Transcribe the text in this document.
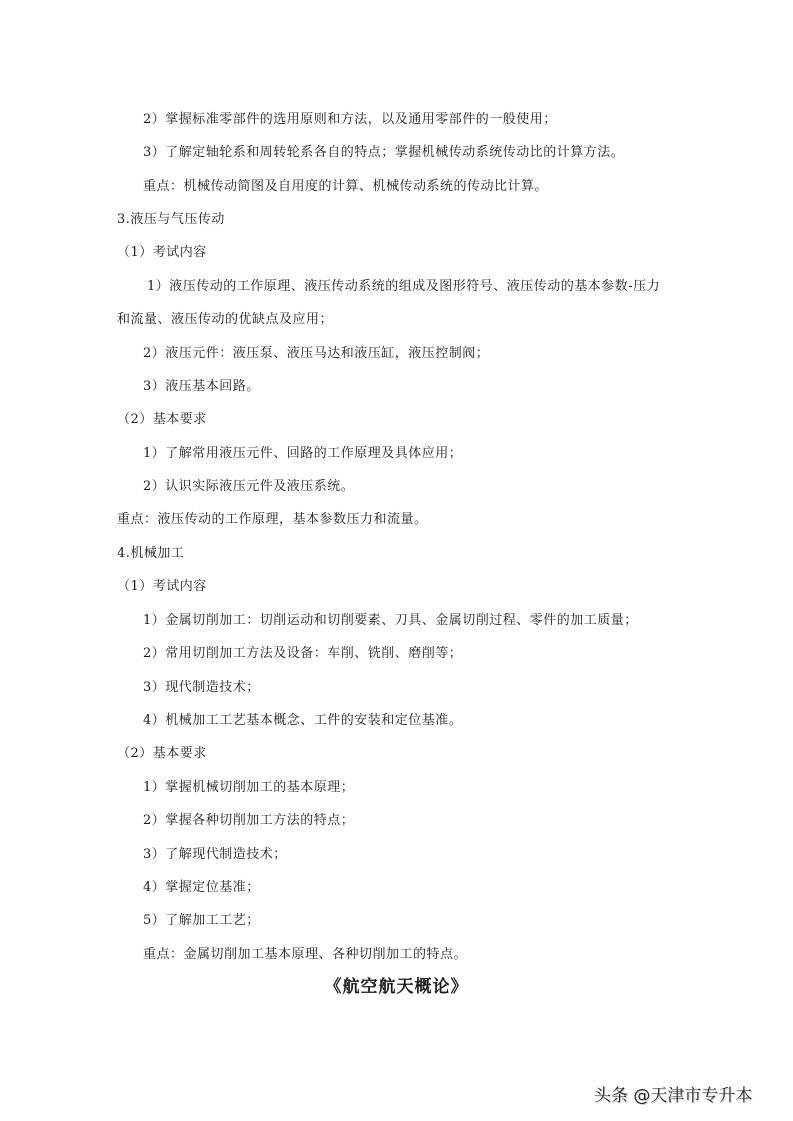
2）掌握标准零部件的选用原则和方法，以及通用零部件的一般使用；
3）了解定轴轮系和周转轮系各自的特点；掌握机械传动系统传动比的计算方法。
重点：机械传动简图及自用度的计算、机械传动系统的传动比计算。
3.液压与气压传动
（1）考试内容
1）液压传动的工作原理、液压传动系统的组成及图形符号、液压传动的基本参数-压力
和流量、液压传动的优缺点及应用；
2）液压元件：液压泵、液压马达和液压缸，液压控制阀；
3）液压基本回路。
（2）基本要求
1）了解常用液压元件、回路的工作原理及具体应用；
2）认识实际液压元件及液压系统。
重点：液压传动的工作原理，基本参数压力和流量。
4.机械加工
（1）考试内容
1）金属切削加工：切削运动和切削要素、刀具、金属切削过程、零件的加工质量；
2）常用切削加工方法及设备：车削、铣削、磨削等；
3）现代制造技术；
4）机械加工工艺基本概念、工件的安装和定位基准。
（2）基本要求
1）掌握机械切削加工的基本原理；
2）掌握各种切削加工方法的特点；
3）了解现代制造技术；
4）掌握定位基准；
5）了解加工工艺；
重点：金属切削加工基本原理、各种切削加工的特点。
《航空航天概论》
头条 @天津市专升本
